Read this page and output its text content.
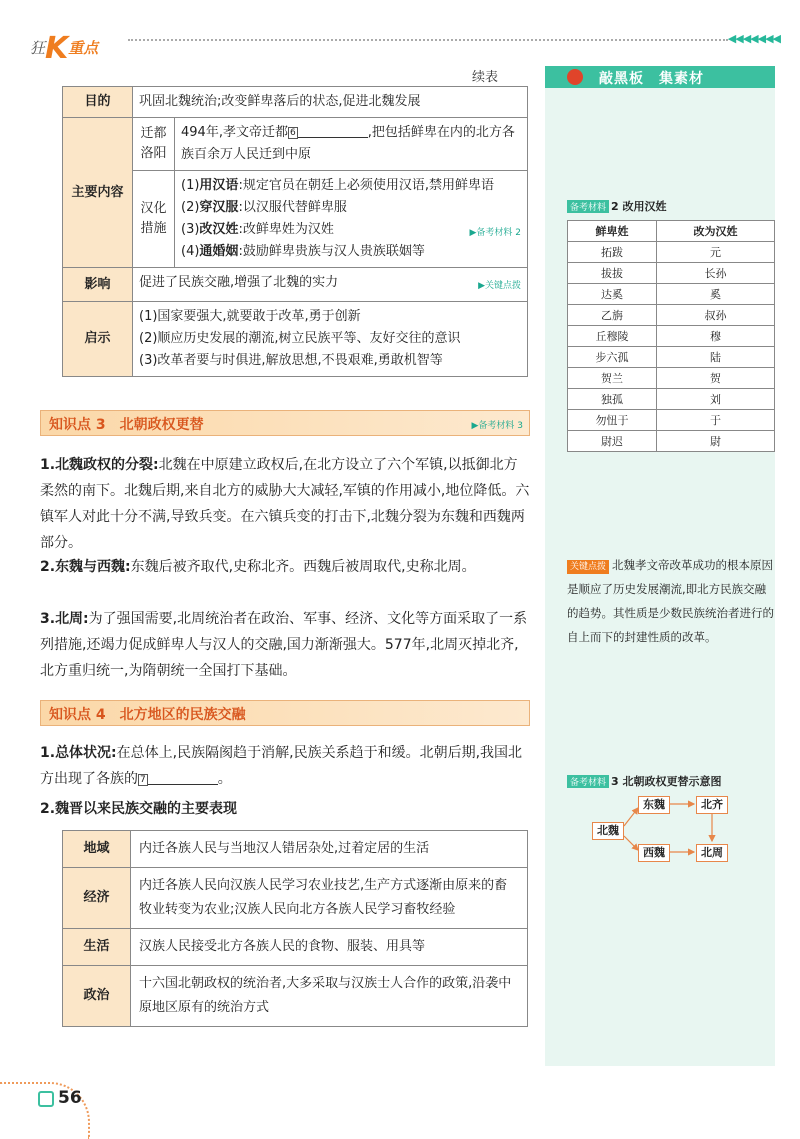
狂K重点
◀◀◀◀◀◀◀
续表
目的	巩固北魏统治;改变鲜卑落后的状态,促进北魏发展	
主要内容	迁都洛阳	494年,孝文帝迁都 6 ,把包括鲜卑在内的北方各族百余万人民迁到中原
	汉化措施	(1)用汉语:规定官员在朝廷上必须使用汉语,禁用鲜卑语
(2)穿汉服:以汉服代替鲜卑服
(3)改汉姓:改鲜卑姓为汉姓 ▶备考材料 2
(4)通婚姻:鼓励鲜卑贵族与汉人贵族联姻等

影响	促进了民族交融,增强了北魏的实力 ▶关键点拨	

启示	(1)国家要强大,就要敢于改革,勇于创新
(2)顺应历史发展的潮流,树立民族平等、友好交往的意识
(3)改革者要与时俱进,解放思想,不畏艰难,勇敢机智等	
知识点 3　北朝政权更替	▶备考材料 3
1.北魏政权的分裂:北魏在中原建立政权后,在北方设立了六个军镇,以抵御北方柔然的南下。北魏后期,来自北方的威胁大大减轻,军镇的作用减小,地位降低。六镇军人对此十分不满,导致兵变。在六镇兵变的打击下,北魏分裂为东魏和西魏两部分。
2.东魏与西魏:东魏后被齐取代,史称北齐。西魏后被周取代,史称北周。
3.北周:为了强国需要,北周统治者在政治、军事、经济、文化等方面采取了一系列措施,还竭力促成鲜卑人与汉人的交融,国力渐渐强大。577年,北周灭掉北齐,北方重归统一,为隋朝统一全国打下基础。
知识点 4　北方地区的民族交融
1.总体状况:在总体上,民族隔阂趋于消解,民族关系趋于和缓。北朝后期,我国北方出现了各族的 7	。
2.魏晋以来民族交融的主要表现
地域	内迁各族人民与当地汉人错居杂处,过着定居的生活
经济	内迁各族人民向汉族人民学习农业技艺,生产方式逐渐由原来的畜牧业转变为农业;汉族人民向北方各族人民学习畜牧经验
生活	汉族人民接受北方各族人民的食物、服装、用具等
政治	十六国北朝政权的统治者,大多采取与汉族士人合作的政策,沿袭中原地区原有的统治方式
敲黑板　集素材
备考材料 2 改用汉姓
鲜卑姓	改为汉姓
拓跋	元
拔拔	长孙
达奚	奚
乙旃	叔孙
丘穆陵	穆
步六孤	陆
贺兰	贺
独孤	刘
勿忸于	于
尉迟	尉
关键点拨 北魏孝文帝改革成功的根本原因是顺应了历史发展潮流,即北方民族交融的趋势。其性质是少数民族统治者进行的自上而下的封建性质的改革。
备考材料 3 北朝政权更替示意图
北魏
东魏
西魏
北齐
北周
56
